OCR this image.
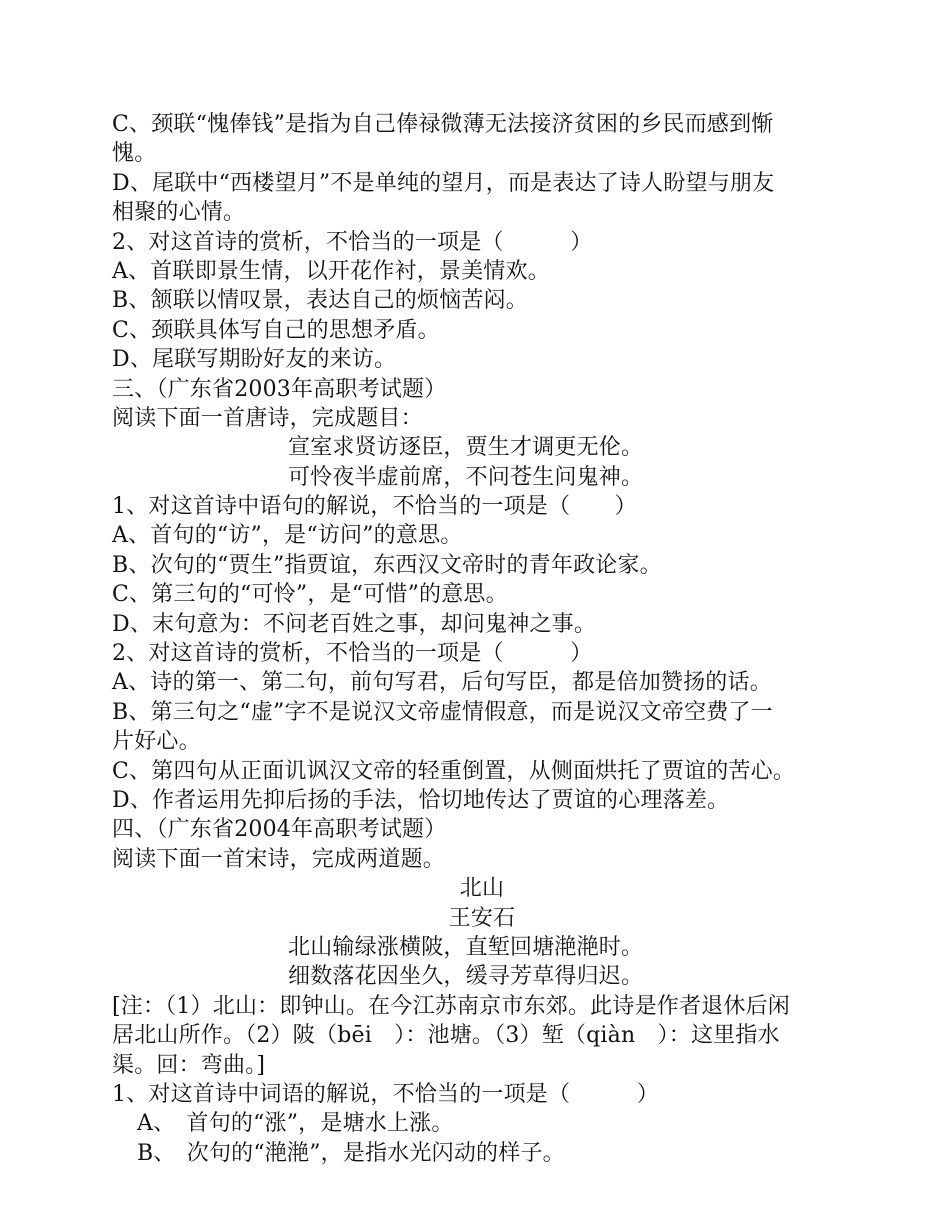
C、颈联“愧俸钱”是指为自己俸禄微薄无法接济贫困的乡民而感到惭
愧。
D、尾联中“西楼望月”不是单纯的望月，而是表达了诗人盼望与朋友
相聚的心情。
2、对这首诗的赏析，不恰当的一项是（　　　）
A、首联即景生情，以开花作衬，景美情欢。
B、颔联以情叹景，表达自己的烦恼苦闷。
C、颈联具体写自己的思想矛盾。
D、尾联写期盼好友的来访。
三、（广东省2003年高职考试题）
阅读下面一首唐诗，完成题目：
宣室求贤访逐臣，贾生才调更无伦。
可怜夜半虚前席，不问苍生问鬼神。
1、对这首诗中语句的解说，不恰当的一项是（　　）
A、首句的“访”，是“访问”的意思。
B、次句的“贾生”指贾谊，东西汉文帝时的青年政论家。
C、第三句的“可怜”，是“可惜”的意思。
D、末句意为：不问老百姓之事，却问鬼神之事。
2、对这首诗的赏析，不恰当的一项是（　　　）
A、诗的第一、第二句，前句写君，后句写臣，都是倍加赞扬的话。
B、第三句之“虚”字不是说汉文帝虚情假意，而是说汉文帝空费了一
片好心。
C、第四句从正面讥讽汉文帝的轻重倒置，从侧面烘托了贾谊的苦心。
D、作者运用先抑后扬的手法，恰切地传达了贾谊的心理落差。
四、（广东省2004年高职考试题）
阅读下面一首宋诗，完成两道题。
北山
王安石
北山输绿涨横陂，直堑回塘滟滟时。
细数落花因坐久，缓寻芳草得归迟。
[注：（1）北山：即钟山。在今江苏南京市东郊。此诗是作者退休后闲
居北山所作。（2）陂（bēi　）：池塘。（3）堑（qiàn　）：这里指水
渠。回：弯曲。]
1、对这首诗中词语的解说，不恰当的一项是（　　　）
A、　首句的“涨”，是塘水上涨。
B、　次句的“滟滟”，是指水光闪动的样子。
